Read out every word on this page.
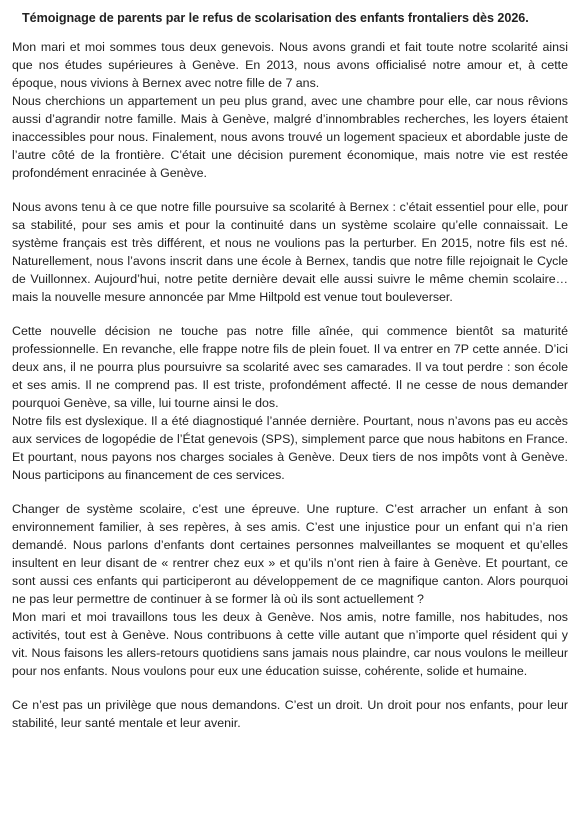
Témoignage de parents par le refus de scolarisation des enfants frontaliers dès 2026.

Mon mari et moi sommes tous deux genevois. Nous avons grandi et fait toute notre scolarité ainsi que nos études supérieures à Genève. En 2013, nous avons officialisé notre amour et, à cette époque, nous vivions à Bernex avec notre fille de 7 ans.

Nous cherchions un appartement un peu plus grand, avec une chambre pour elle, car nous rêvions aussi d’agrandir notre famille. Mais à Genève, malgré d’innombrables recherches, les loyers étaient inaccessibles pour nous. Finalement, nous avons trouvé un logement spacieux et abordable juste de l’autre côté de la frontière. C’était une décision purement économique, mais notre vie est restée profondément enracinée à Genève.

Nous avons tenu à ce que notre fille poursuive sa scolarité à Bernex : c’était essentiel pour elle, pour sa stabilité, pour ses amis et pour la continuité dans un système scolaire qu’elle connaissait. Le système français est très différent, et nous ne voulions pas la perturber. En 2015, notre fils est né. Naturellement, nous l’avons inscrit dans une école à Bernex, tandis que notre fille rejoignait le Cycle de Vuillonnex. Aujourd’hui, notre petite dernière devait elle aussi suivre le même chemin scolaire… mais la nouvelle mesure annoncée par Mme Hiltpold est venue tout bouleverser.

Cette nouvelle décision ne touche pas notre fille aînée, qui commence bientôt sa maturité professionnelle. En revanche, elle frappe notre fils de plein fouet. Il va entrer en 7P cette année. D’ici deux ans, il ne pourra plus poursuivre sa scolarité avec ses camarades. Il va tout perdre : son école et ses amis. Il ne comprend pas. Il est triste, profondément affecté. Il ne cesse de nous demander pourquoi Genève, sa ville, lui tourne ainsi le dos.

Notre fils est dyslexique. Il a été diagnostiqué l’année dernière. Pourtant, nous n’avons pas eu accès aux services de logopédie de l’État genevois (SPS), simplement parce que nous habitons en France. Et pourtant, nous payons nos charges sociales à Genève. Deux tiers de nos impôts vont à Genève. Nous participons au financement de ces services.

Changer de système scolaire, c’est une épreuve. Une rupture. C’est arracher un enfant à son environnement familier, à ses repères, à ses amis. C’est une injustice pour un enfant qui n’a rien demandé. Nous parlons d’enfants dont certaines personnes malveillantes se moquent et qu’elles insultent en leur disant de « rentrer chez eux » et qu’ils n’ont rien à faire à Genève. Et pourtant, ce sont aussi ces enfants qui participeront au développement de ce magnifique canton. Alors pourquoi ne pas leur permettre de continuer à se former là où ils sont actuellement ?

Mon mari et moi travaillons tous les deux à Genève. Nos amis, notre famille, nos habitudes, nos activités, tout est à Genève. Nous contribuons à cette ville autant que n’importe quel résident qui y vit. Nous faisons les allers-retours quotidiens sans jamais nous plaindre, car nous voulons le meilleur pour nos enfants. Nous voulons pour eux une éducation suisse, cohérente, solide et humaine.

Ce n’est pas un privilège que nous demandons. C’est un droit. Un droit pour nos enfants, pour leur stabilité, leur santé mentale et leur avenir.
